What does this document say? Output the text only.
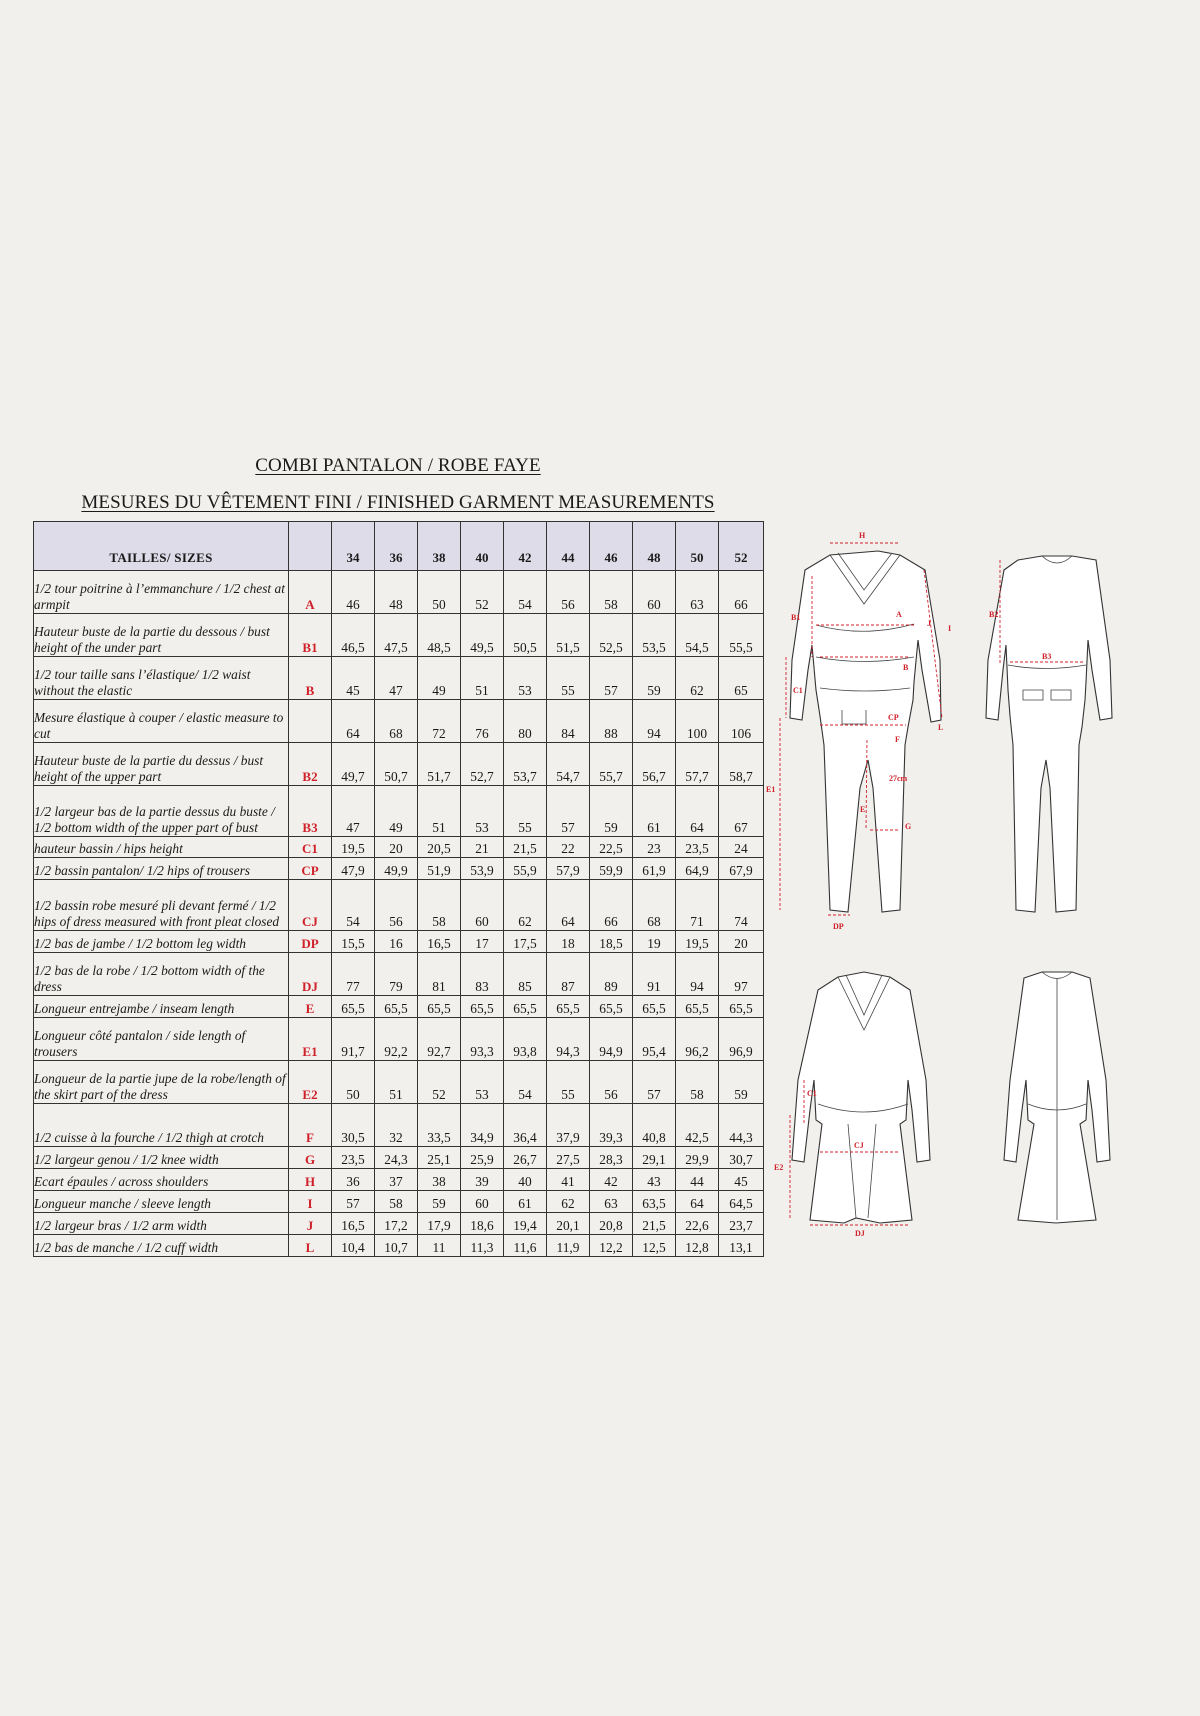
COMBI PANTALON / ROBE FAYE
MESURES DU VÊTEMENT FINI / FINISHED GARMENT MEASUREMENTS
TAILLES/ SIZES		34	36	38	40	42	44	46	48	50	52
1/2 tour poitrine à l’emmanchure / 1/2 chest at armpit	A	46	48	50	52	54	56	58	60	63	66
Hauteur buste de la partie du dessous / bust height of the under part	B1	46,5	47,5	48,5	49,5	50,5	51,5	52,5	53,5	54,5	55,5
1/2 tour taille sans l’élastique/ 1/2 waist without the elastic	B	45	47	49	51	53	55	57	59	62	65
Mesure élastique à couper / elastic measure to cut		64	68	72	76	80	84	88	94	100	106
Hauteur buste de la partie du dessus / bust height of the upper part	B2	49,7	50,7	51,7	52,7	53,7	54,7	55,7	56,7	57,7	58,7
1/2 largeur bas de la partie dessus du buste / 1/2 bottom width of the upper part of bust	B3	47	49	51	53	55	57	59	61	64	67
hauteur bassin / hips height	C1	19,5	20	20,5	21	21,5	22	22,5	23	23,5	24
1/2 bassin pantalon/ 1/2 hips of trousers	CP	47,9	49,9	51,9	53,9	55,9	57,9	59,9	61,9	64,9	67,9
1/2 bassin robe mesuré pli devant fermé / 1/2 hips of dress measured with front pleat closed	CJ	54	56	58	60	62	64	66	68	71	74
1/2 bas de jambe / 1/2 bottom leg width	DP	15,5	16	16,5	17	17,5	18	18,5	19	19,5	20
1/2 bas de la robe / 1/2 bottom width of the dress	DJ	77	79	81	83	85	87	89	91	94	97
Longueur entrejambe / inseam length	E	65,5	65,5	65,5	65,5	65,5	65,5	65,5	65,5	65,5	65,5
Longueur côté pantalon / side length of trousers	E1	91,7	92,2	92,7	93,3	93,8	94,3	94,9	95,4	96,2	96,9
Longueur de la partie jupe de la robe/length of the skirt part of the dress	E2	50	51	52	53	54	55	56	57	58	59
1/2 cuisse à la fourche / 1/2 thigh at crotch	F	30,5	32	33,5	34,9	36,4	37,9	39,3	40,8	42,5	44,3
1/2 largeur genou / 1/2 knee width	G	23,5	24,3	25,1	25,9	26,7	27,5	28,3	29,1	29,9	30,7
Ecart épaules / across shoulders	H	36	37	38	39	40	41	42	43	44	45
Longueur manche / sleeve length	I	57	58	59	60	61	62	63	63,5	64	64,5
1/2 largeur bras / 1/2 arm width	J	16,5	17,2	17,9	18,6	19,4	20,1	20,8	21,5	22,6	23,7
1/2 bas de manche / 1/2 cuff width	L	10,4	10,7	11	11,3	11,6	11,9	12,2	12,5	12,8	13,1
H
A
J
I
B1
B
C1
CP
L
F
27cm
E
E1
G
DP
B2
B3
C1
CJ
E2
DJ
